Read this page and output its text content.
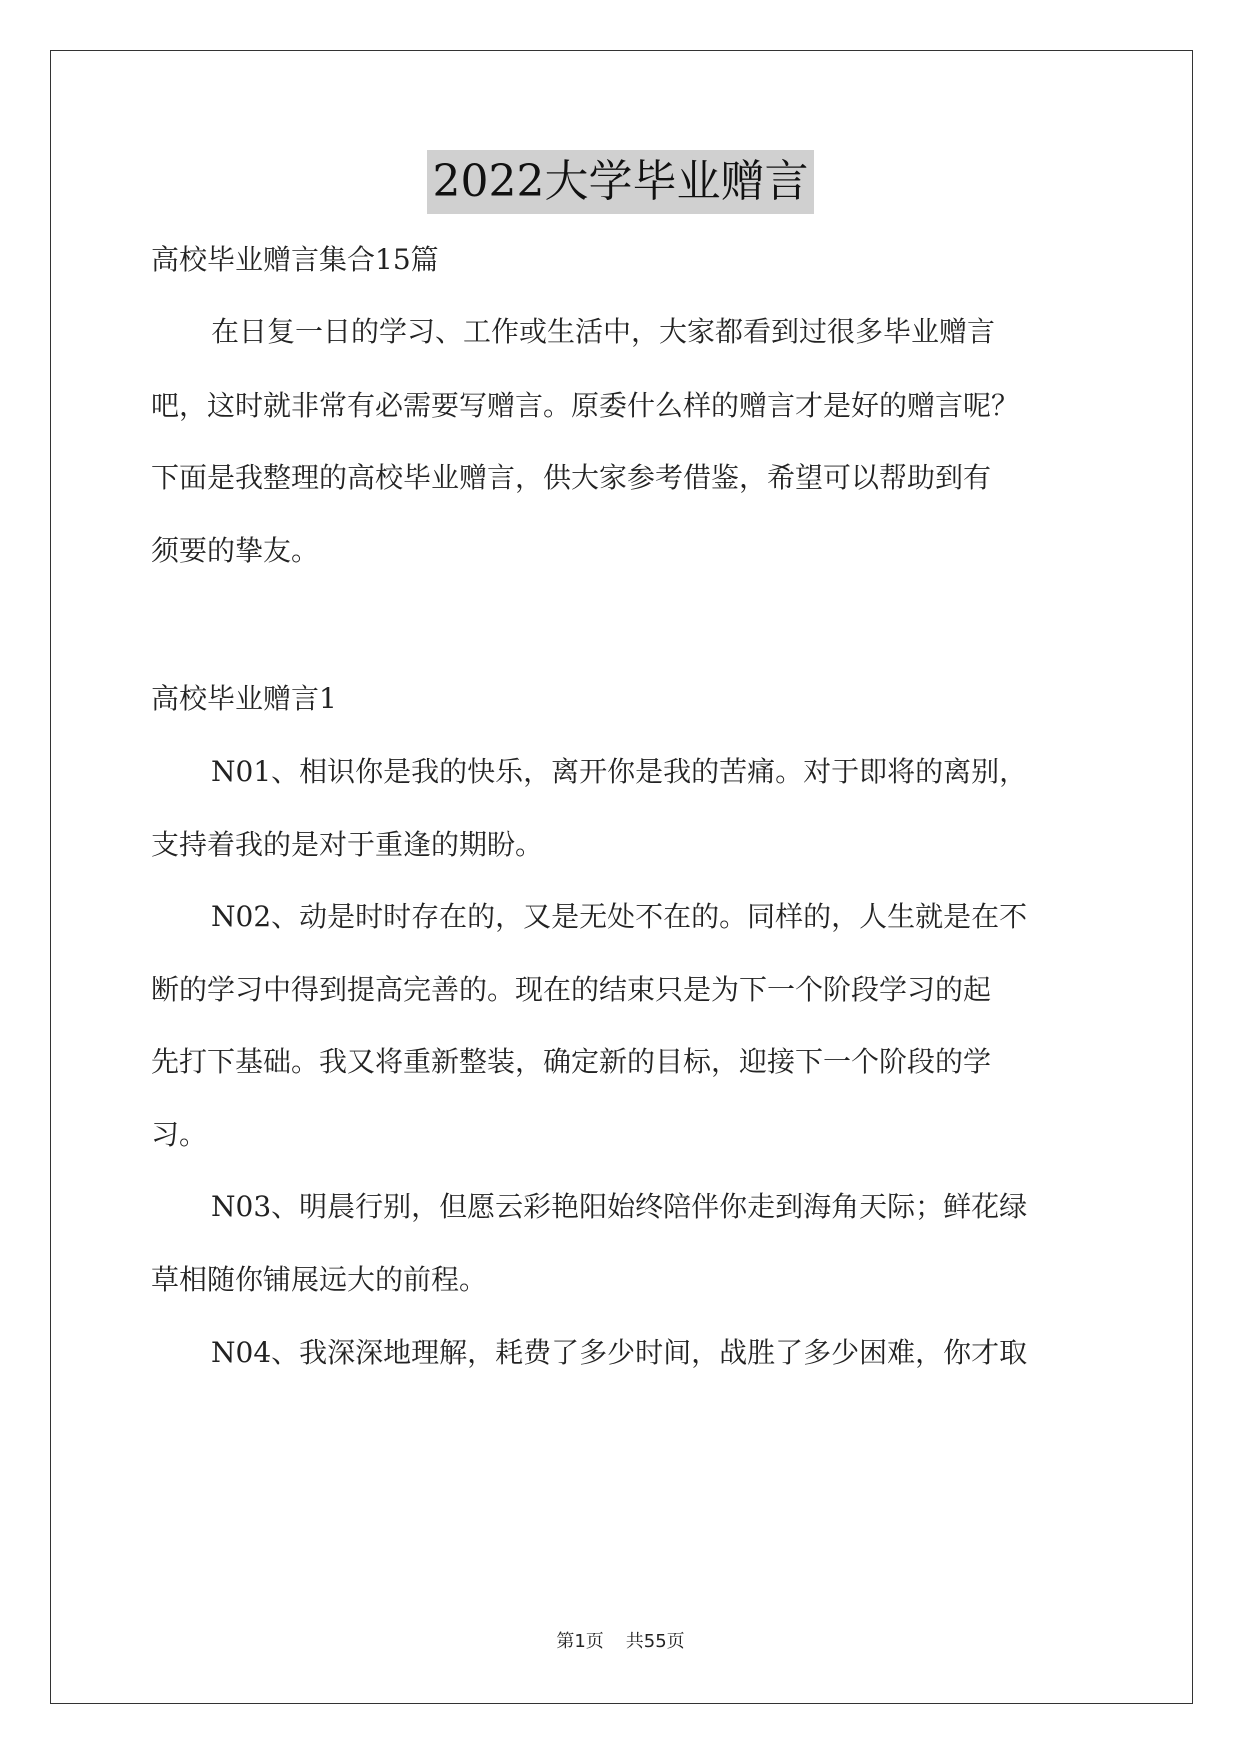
2022大学毕业赠言
高校毕业赠言集合15篇
在日复一日的学习、工作或生活中，大家都看到过很多毕业赠言
吧，这时就非常有必需要写赠言。原委什么样的赠言才是好的赠言呢？
下面是我整理的高校毕业赠言，供大家参考借鉴，希望可以帮助到有
须要的挚友。
高校毕业赠言1
N01、相识你是我的快乐，离开你是我的苦痛。对于即将的离别，
支持着我的是对于重逢的期盼。
N02、动是时时存在的，又是无处不在的。同样的，人生就是在不
断的学习中得到提高完善的。现在的结束只是为下一个阶段学习的起
先打下基础。我又将重新整装，确定新的目标，迎接下一个阶段的学
习。
N03、明晨行别，但愿云彩艳阳始终陪伴你走到海角天际；鲜花绿
草相随你铺展远大的前程。
N04、我深深地理解，耗费了多少时间，战胜了多少困难，你才取
第1页 共55页
